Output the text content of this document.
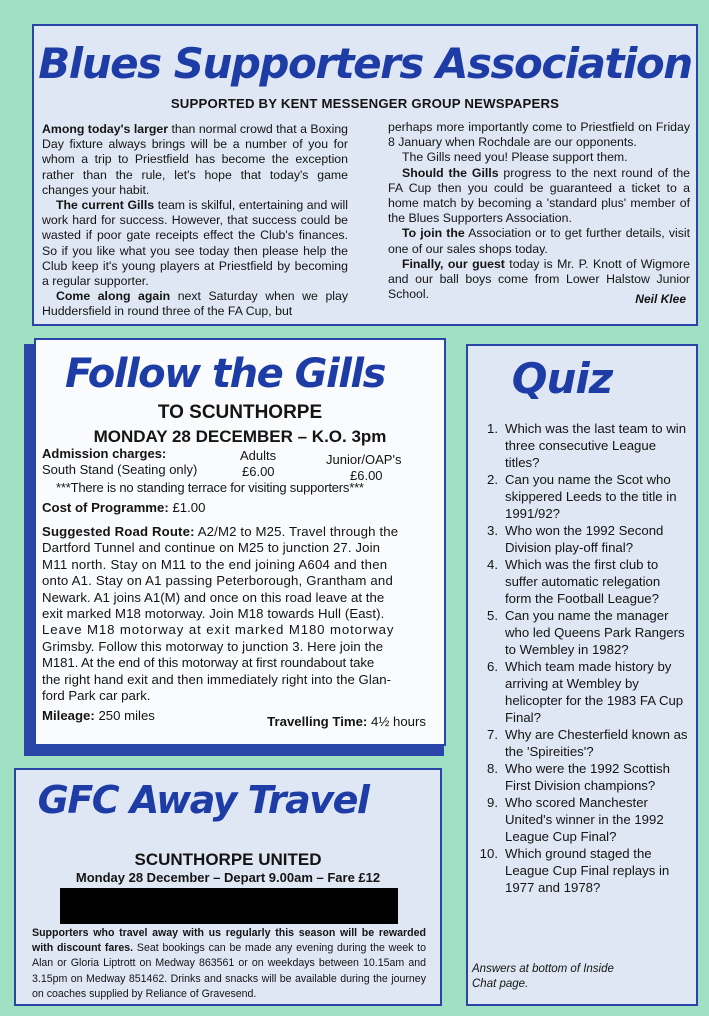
Blues Supporters Association
SUPPORTED BY KENT MESSENGER GROUP NEWSPAPERS

Among today's larger than normal crowd that a Boxing Day fixture always brings will be a number of you for whom a trip to Priestfield has become the exception rather than the rule, let's hope that today's game changes your habit.

The current Gills team is skilful, entertaining and will work hard for success. However, that success could be wasted if poor gate receipts effect the Club's finances. So if you like what you see today then please help the Club keep it's young players at Priestfield by becoming a regular supporter.

Come along again next Saturday when we play Huddersfield in round three of the FA Cup, but

perhaps more importantly come to Priestfield on Friday 8 January when Rochdale are our opponents.

The Gills need you! Please support them.

Should the Gills progress to the next round of the FA Cup then you could be guaranteed a ticket to a home match by becoming a 'standard plus' member of the Blues Supporters Association.

To join the Association or to get further details, visit one of our sales shops today.

Finally, our guest today is Mr. P. Knott of Wigmore and our ball boys come from Lower Halstow Junior School.	Neil Klee
Follow the Gills
TO SCUNTHORPE
MONDAY 28 DECEMBER – K.O. 3pm
Admission charges:	Adults	Junior/OAP's
South Stand (Seating only)	£6.00	£6.00
***There is no standing terrace for visiting supporters***
Cost of Programme: £1.00
Suggested Road Route: A2/M2 to M25. Travel through the
Dartford Tunnel and continue on M25 to junction 27. Join
M11 north. Stay on M11 to the end joining A604 and then
onto A1. Stay on A1 passing Peterborough, Grantham and
Newark. A1 joins A1(M) and once on this road leave at the
exit marked M18 motorway. Join M18 towards Hull (East).
Leave M18 motorway at exit marked M180 motorway
Grimsby. Follow this motorway to junction 3. Here join the
M181. At the end of this motorway at first roundabout take
the right hand exit and then immediately right into the Glan-
ford Park car park.
Mileage: 250 miles	Travelling Time: 4½ hours
GFC Away Travel
SCUNTHORPE UNITED
Monday 28 December – Depart 9.00am – Fare £12
Supporters who travel away with us regularly this season will be rewarded with discount fares. Seat bookings can be made any evening during the week to Alan or Gloria Liptrott on Medway 863561 or on weekdays between 10.15am and 3.15pm on Medway 851462. Drinks and snacks will be available during the journey on coaches supplied by Reliance of Gravesend.
Quiz
1. Which was the last team to win three consecutive League titles?
2. Can you name the Scot who skippered Leeds to the title in 1991/92?
3. Who won the 1992 Second Division play-off final?
4. Which was the first club to suffer automatic relegation form the Football League?
5. Can you name the manager who led Queens Park Rangers to Wembley in 1982?
6. Which team made history by arriving at Wembley by helicopter for the 1983 FA Cup Final?
7. Why are Chesterfield known as the 'Spireities'?
8. Who were the 1992 Scottish First Division champions?
9. Who scored Manchester United's winner in the 1992 League Cup Final?
10. Which ground staged the League Cup Final replays in 1977 and 1978?
Answers at bottom of Inside Chat page.
